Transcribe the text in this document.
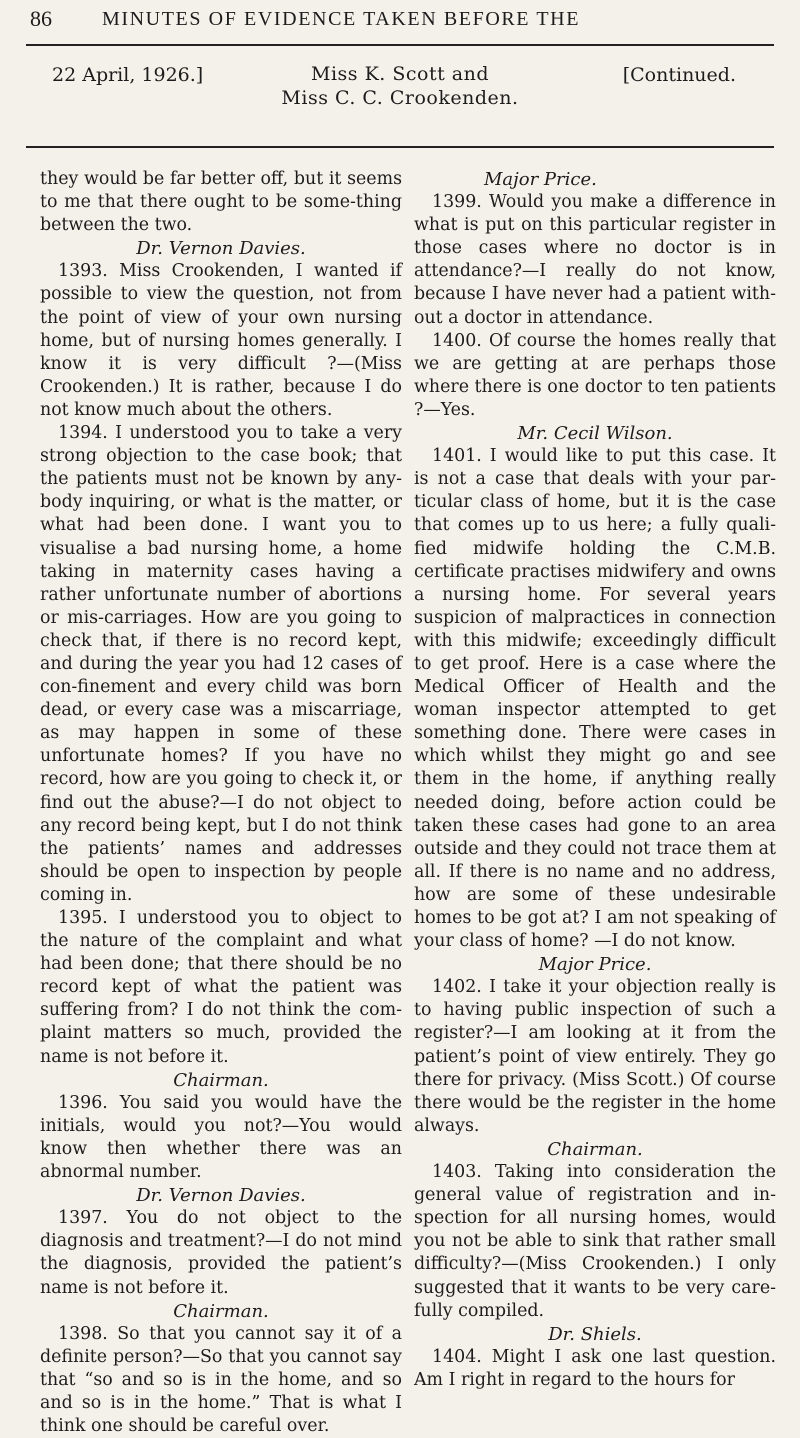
86	MINUTES OF EVIDENCE TAKEN BEFORE THE
22 April, 1926.]	Miss K. Scott and
Miss C. C. Crookenden.
[Continued.

they would be far better off, but it seems to me that there ought to be some-thing between the two.

Dr. Vernon Davies.

1393. Miss Crookenden, I wanted if possible to view the question, not from the point of view of your own nursing home, but of nursing homes generally. I know it is very difficult ?—(Miss Crookenden.) It is rather, because I do not know much about the others.

1394. I understood you to take a very strong objection to the case book; that the patients must not be known by any-body inquiring, or what is the matter, or what had been done. I want you to visualise a bad nursing home, a home taking in maternity cases having a rather unfortunate number of abortions or mis-carriages. How are you going to check that, if there is no record kept, and during the year you had 12 cases of con-finement and every child was born dead, or every case was a miscarriage, as may happen in some of these unfortunate homes? If you have no record, how are you going to check it, or find out the abuse?—I do not object to any record being kept, but I do not think the patients’ names and addresses should be open to inspection by people coming in.

1395. I understood you to object to the nature of the complaint and what had been done; that there should be no record kept of what the patient was suffering from? I do not think the com-plaint matters so much, provided the name is not before it.

Chairman.

1396. You said you would have the initials, would you not?—You would know then whether there was an abnormal number.

Dr. Vernon Davies.

1397. You do not object to the diagnosis and treatment?—I do not mind the diagnosis, provided the patient’s name is not before it.

Chairman.

1398. So that you cannot say it of a definite person?—So that you cannot say that “so and so is in the home, and so and so is in the home.” That is what I think one should be careful over.

Major Price.

1399. Would you make a difference in what is put on this particular register in those cases where no doctor is in attendance?—I really do not know, because I have never had a patient with-out a doctor in attendance.

1400. Of course the homes really that we are getting at are perhaps those where there is one doctor to ten patients ?—Yes.

Mr. Cecil Wilson.

1401. I would like to put this case. It is not a case that deals with your par-ticular class of home, but it is the case that comes up to us here; a fully quali-fied midwife holding the C.M.B. certificate practises midwifery and owns a nursing home. For several years suspicion of malpractices in connection with this midwife; exceedingly difficult to get proof. Here is a case where the Medical Officer of Health and the woman inspector attempted to get something done. There were cases in which whilst they might go and see them in the home, if anything really needed doing, before action could be taken these cases had gone to an area outside and they could not trace them at all. If there is no name and no address, how are some of these undesirable homes to be got at? I am not speaking of your class of home? —I do not know.

Major Price.

1402. I take it your objection really is to having public inspection of such a register?—I am looking at it from the patient’s point of view entirely. They go there for privacy. (Miss Scott.) Of course there would be the register in the home always.

Chairman.

1403. Taking into consideration the general value of registration and in-spection for all nursing homes, would you not be able to sink that rather small difficulty?—(Miss Crookenden.) I only suggested that it wants to be very care-fully compiled.

Dr. Shiels.

1404. Might I ask one last question. Am I right in regard to the hours for
